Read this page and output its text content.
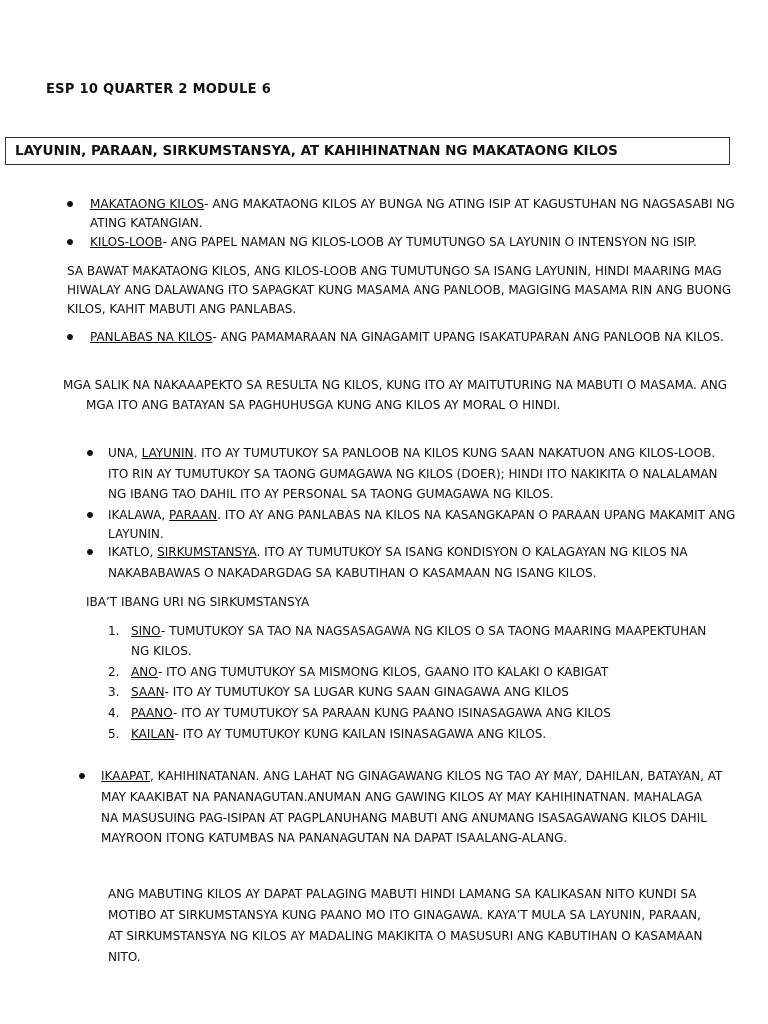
ESP 10 QUARTER 2 MODULE 6
LAYUNIN, PARAAN, SIRKUMSTANSYA, AT KAHIHINATNAN NG MAKATAONG KILOS
MAKATAONG KILOS- ANG MAKATAONG KILOS AY BUNGA NG ATING ISIP AT KAGUSTUHAN NG NAGSASABI NG
ATING KATANGIAN.
KILOS-LOOB- ANG PAPEL NAMAN NG KILOS-LOOB AY TUMUTUNGO SA LAYUNIN O INTENSYON NG ISIP.
SA BAWAT MAKATAONG KILOS, ANG KILOS-LOOB ANG TUMUTUNGO SA ISANG LAYUNIN, HINDI MAARING MAG
HIWALAY ANG DALAWANG ITO SAPAGKAT KUNG MASAMA ANG PANLOOB, MAGIGING MASAMA RIN ANG BUONG
KILOS, KAHIT MABUTI ANG PANLABAS.
PANLABAS NA KILOS- ANG PAMAMARAAN NA GINAGAMIT UPANG ISAKATUPARAN ANG PANLOOB NA KILOS.
MGA SALIK NA NAKAAAPEKTO SA RESULTA NG KILOS, KUNG ITO AY MAITUTURING NA MABUTI O MASAMA. ANG
MGA ITO ANG BATAYAN SA PAGHUHUSGA KUNG ANG KILOS AY MORAL O HINDI.
UNA, LAYUNIN. ITO AY TUMUTUKOY SA PANLOOB NA KILOS KUNG SAAN NAKATUON ANG KILOS-LOOB.
ITO RIN AY TUMUTUKOY SA TAONG GUMAGAWA NG KILOS (DOER); HINDI ITO NAKIKITA O NALALAMAN
NG IBANG TAO DAHIL ITO AY PERSONAL SA TAONG GUMAGAWA NG KILOS.
IKALAWA, PARAAN. ITO AY ANG PANLABAS NA KILOS NA KASANGKAPAN O PARAAN UPANG MAKAMIT ANG
LAYUNIN.
IKATLO, SIRKUMSTANSYA. ITO AY TUMUTUKOY SA ISANG KONDISYON O KALAGAYAN NG KILOS NA
NAKABABAWAS O NAKADARGDAG SA KABUTIHAN O KASAMAAN NG ISANG KILOS.
IBA’T IBANG URI NG SIRKUMSTANSYA
1. SINO- TUMUTUKOY SA TAO NA NAGSASAGAWA NG KILOS O SA TAONG MAARING MAAPEKTUHAN
NG KILOS.
2. ANO- ITO ANG TUMUTUKOY SA MISMONG KILOS, GAANO ITO KALAKI O KABIGAT
3. SAAN- ITO AY TUMUTUKOY SA LUGAR KUNG SAAN GINAGAWA ANG KILOS
4. PAANO- ITO AY TUMUTUKOY SA PARAAN KUNG PAANO ISINASAGAWA ANG KILOS
5. KAILAN- ITO AY TUMUTUKOY KUNG KAILAN ISINASAGAWA ANG KILOS.
IKAAPAT, KAHIHINATANAN. ANG LAHAT NG GINAGAWANG KILOS NG TAO AY MAY, DAHILAN, BATAYAN, AT
MAY KAAKIBAT NA PANANAGUTAN.ANUMAN ANG GAWING KILOS AY MAY KAHIHINATNAN. MAHALAGA
NA MASUSUING PAG-ISIPAN AT PAGPLANUHANG MABUTI ANG ANUMANG ISASAGAWANG KILOS DAHIL
MAYROON ITONG KATUMBAS NA PANANAGUTAN NA DAPAT ISAALANG-ALANG.
ANG MABUTING KILOS AY DAPAT PALAGING MABUTI HINDI LAMANG SA KALIKASAN NITO KUNDI SA
MOTIBO AT SIRKUMSTANSYA KUNG PAANO MO ITO GINAGAWA. KAYA’T MULA SA LAYUNIN, PARAAN,
AT SIRKUMSTANSYA NG KILOS AY MADALING MAKIKITA O MASUSURI ANG KABUTIHAN O KASAMAAN
NITO.
